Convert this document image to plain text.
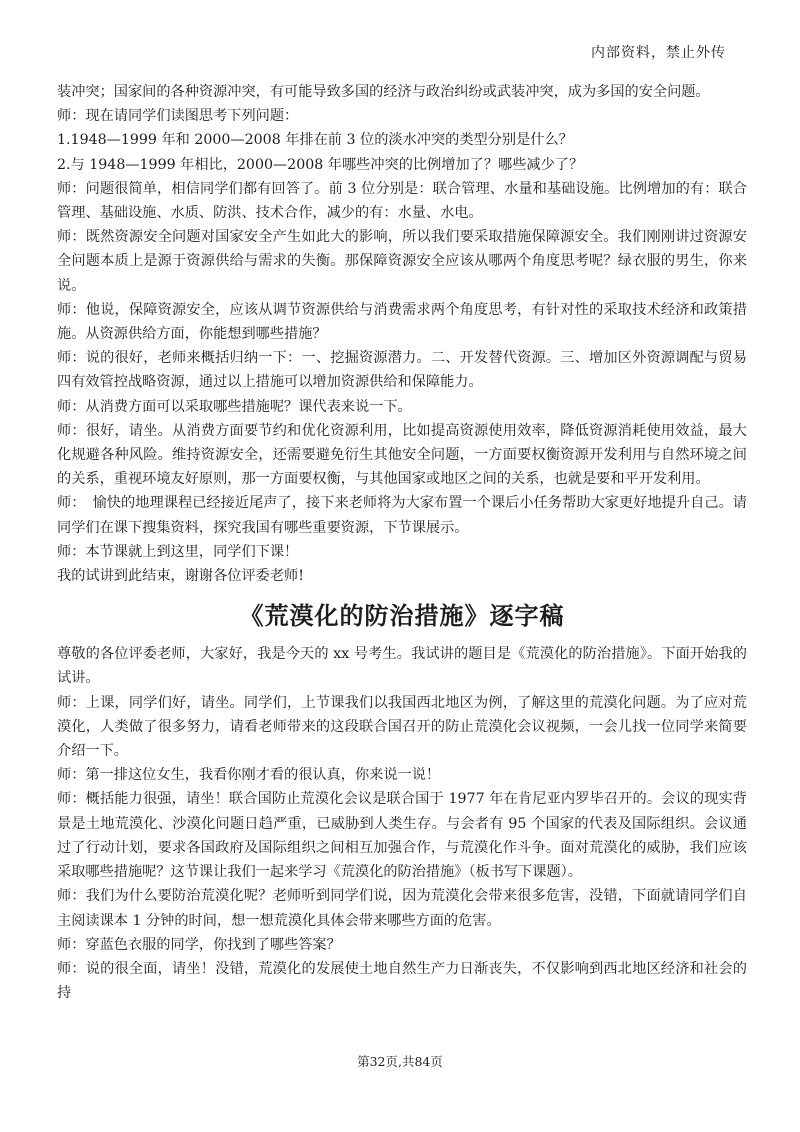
内部资料，禁止外传

装冲突；国家间的各种资源冲突，有可能导致多国的经济与政治纠纷或武装冲突，成为多国的安全问题。

师：现在请同学们读图思考下列问题：

1.1948—1999 年和 2000—2008 年排在前 3 位的淡水冲突的类型分别是什么？

2.与 1948—1999 年相比，2000—2008 年哪些冲突的比例增加了？哪些减少了？

师：问题很简单，相信同学们都有回答了。前 3 位分别是：联合管理、水量和基础设施。比例增加的有：联合管理、基础设施、水质、防洪、技术合作，减少的有：水量、水电。

师：既然资源安全问题对国家安全产生如此大的影响，所以我们要采取措施保障源安全。我们刚刚讲过资源安全问题本质上是源于资源供给与需求的失衡。那保障资源安全应该从哪两个角度思考呢？绿衣服的男生，你来说。

师：他说，保障资源安全，应该从调节资源供给与消费需求两个角度思考，有针对性的采取技术经济和政策措施。从资源供给方面，你能想到哪些措施？

师：说的很好，老师来概括归纳一下：一、挖掘资源潜力。二、开发替代资源。三、增加区外资源调配与贸易四有效管控战略资源，通过以上措施可以增加资源供给和保障能力。

师：从消费方面可以采取哪些措施呢？课代表来说一下。

师：很好，请坐。从消费方面要节约和优化资源利用，比如提高资源使用效率，降低资源消耗使用效益，最大化规避各种风险。维持资源安全，还需要避免衍生其他安全问题，一方面要权衡资源开发利用与自然环境之间的关系，重视环境友好原则，那一方面要权衡，与其他国家或地区之间的关系，也就是要和平开发利用。

师：　愉快的地理课程已经接近尾声了，接下来老师将为大家布置一个课后小任务帮助大家更好地提升自己。请同学们在课下搜集资料，探究我国有哪些重要资源，下节课展示。

师：本节课就上到这里，同学们下课！

我的试讲到此结束，谢谢各位评委老师!

《荒漠化的防治措施》逐字稿

尊敬的各位评委老师，大家好，我是今天的 xx 号考生。我试讲的题目是《荒漠化的防治措施》。下面开始我的试讲。

师：上课，同学们好，请坐。同学们，上节课我们以我国西北地区为例，了解这里的荒漠化问题。为了应对荒漠化，人类做了很多努力，请看老师带来的这段联合国召开的防止荒漠化会议视频，一会儿找一位同学来简要介绍一下。

师：第一排这位女生，我看你刚才看的很认真，你来说一说！

师：概括能力很强，请坐！联合国防止荒漠化会议是联合国于 1977 年在肯尼亚内罗毕召开的。会议的现实背景是土地荒漠化、沙漠化问题日趋严重，已威胁到人类生存。与会者有 95 个国家的代表及国际组织。会议通过了行动计划，要求各国政府及国际组织之间相互加强合作，与荒漠化作斗争。面对荒漠化的威胁，我们应该采取哪些措施呢？这节课让我们一起来学习《荒漠化的防治措施》（板书写下课题）。

师：我们为什么要防治荒漠化呢？老师听到同学们说，因为荒漠化会带来很多危害，没错，下面就请同学们自主阅读课本 1 分钟的时间，想一想荒漠化具体会带来哪些方面的危害。

师：穿蓝色衣服的同学，你找到了哪些答案？

师：说的很全面，请坐！没错，荒漠化的发展使土地自然生产力日渐丧失，不仅影响到西北地区经济和社会的持

第32页,共84页
